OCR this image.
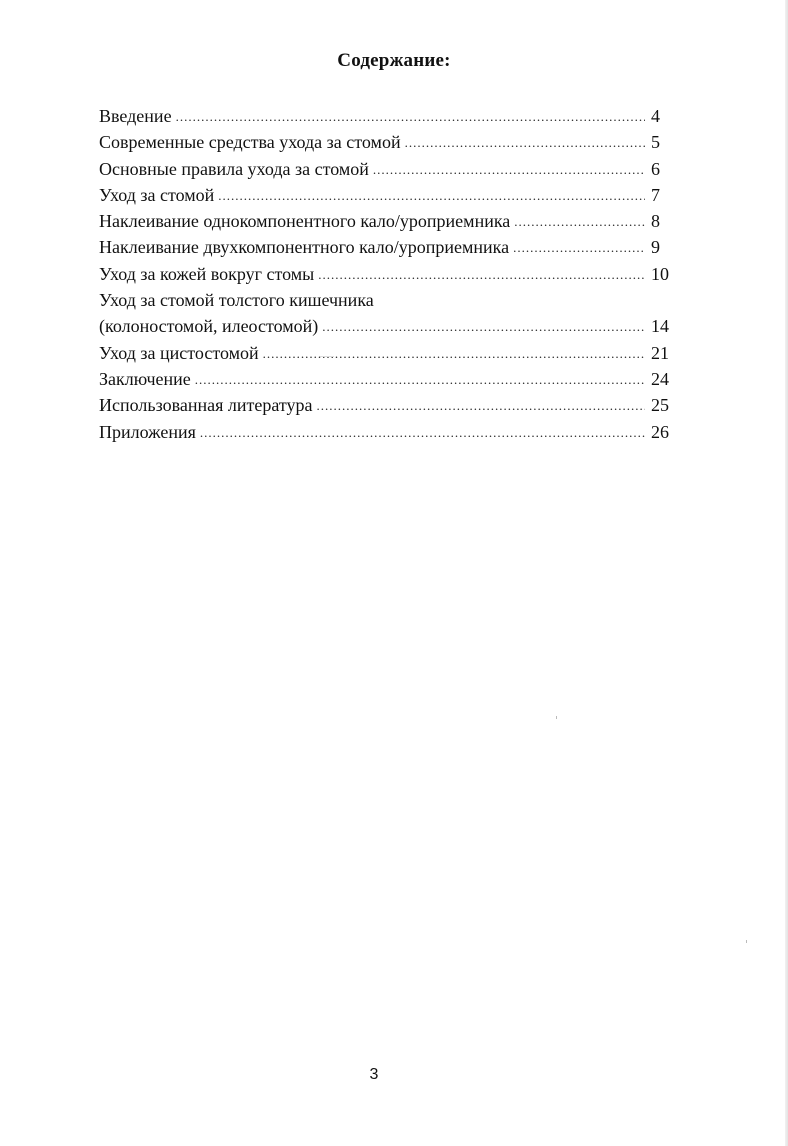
Содержание:
Введение .....	4
Современные средства ухода за стомой .....	5
Основные правила ухода за стомой .....	6
Уход за стомой .....	7
Наклеивание однокомпонентного кало/уроприемника .....	8
Наклеивание двухкомпонентного кало/уроприемника .....	9
Уход за кожей вокруг стомы .....	10
Уход за стомой толстого кишечника
(колоностомой, илеостомой) .....	14
Уход за цистостомой .....	21
Заключение .....	24
Использованная литература .....	25
Приложения .....	26
3
